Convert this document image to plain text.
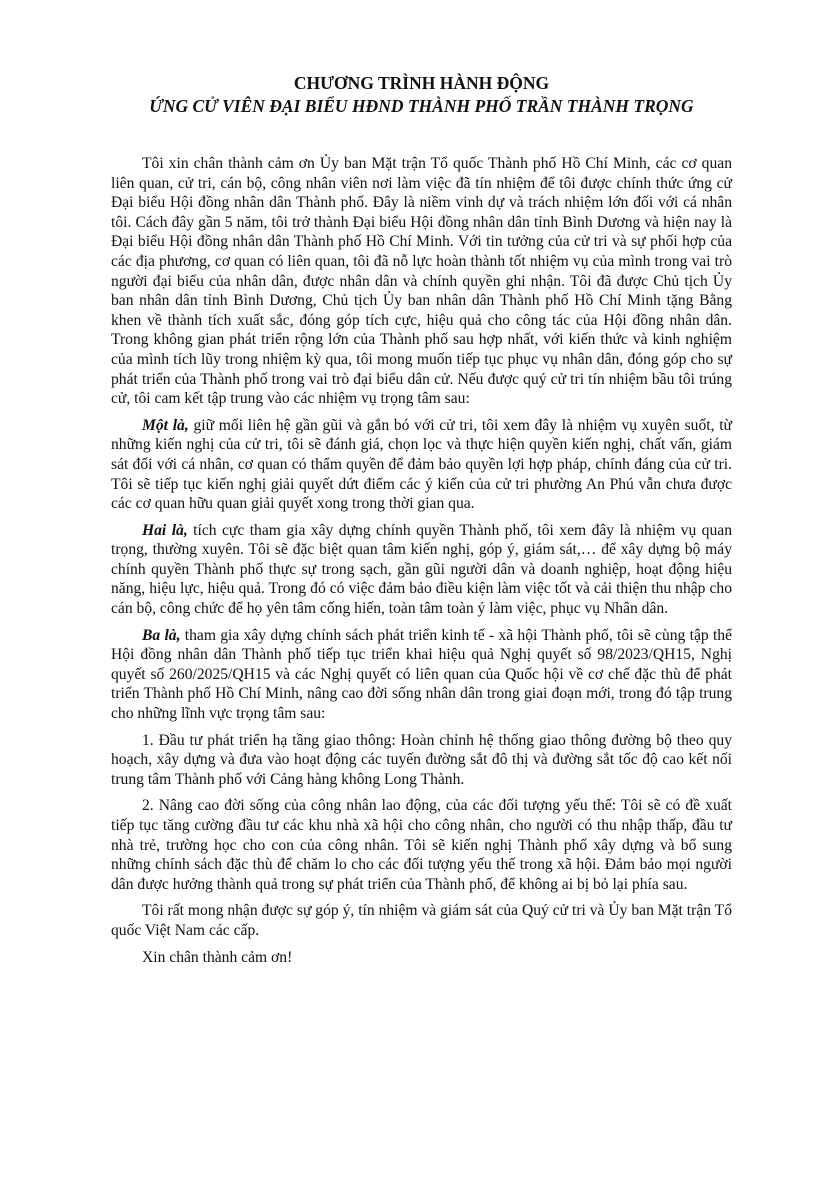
CHƯƠNG TRÌNH HÀNH ĐỘNG
ỨNG CỬ VIÊN ĐẠI BIỂU HĐND THÀNH PHỐ TRẦN THÀNH TRỌNG

Tôi xin chân thành cảm ơn Ủy ban Mặt trận Tổ quốc Thành phố Hồ Chí Minh, các cơ quan liên quan, cử tri, cán bộ, công nhân viên nơi làm việc đã tín nhiệm để tôi được chính thức ứng cử Đại biểu Hội đồng nhân dân Thành phố. Đây là niềm vinh dự và trách nhiệm lớn đối với cá nhân tôi. Cách đây gần 5 năm, tôi trở thành Đại biểu Hội đồng nhân dân tỉnh Bình Dương và hiện nay là Đại biểu Hội đồng nhân dân Thành phố Hồ Chí Minh. Với tin tưởng của cử tri và sự phối hợp của các địa phương, cơ quan có liên quan, tôi đã nỗ lực hoàn thành tốt nhiệm vụ của mình trong vai trò người đại biểu của nhân dân, được nhân dân và chính quyền ghi nhận. Tôi đã được Chủ tịch Ủy ban nhân dân tỉnh Bình Dương, Chủ tịch Ủy ban nhân dân Thành phố Hồ Chí Minh tặng Bằng khen về thành tích xuất sắc, đóng góp tích cực, hiệu quả cho công tác của Hội đồng nhân dân. Trong không gian phát triển rộng lớn của Thành phố sau hợp nhất, với kiến thức và kinh nghiệm của mình tích lũy trong nhiệm kỳ qua, tôi mong muốn tiếp tục phục vụ nhân dân, đóng góp cho sự phát triển của Thành phố trong vai trò đại biểu dân cử. Nếu được quý cử tri tín nhiệm bầu tôi trúng cử, tôi cam kết tập trung vào các nhiệm vụ trọng tâm sau:

Một là, giữ mối liên hệ gần gũi và gắn bó với cử tri, tôi xem đây là nhiệm vụ xuyên suốt, từ những kiến nghị của cử tri, tôi sẽ đánh giá, chọn lọc và thực hiện quyền kiến nghị, chất vấn, giám sát đối với cá nhân, cơ quan có thẩm quyền để đảm bảo quyền lợi hợp pháp, chính đáng của cử tri. Tôi sẽ tiếp tục kiến nghị giải quyết dứt điểm các ý kiến của cử tri phường An Phú vẫn chưa được các cơ quan hữu quan giải quyết xong trong thời gian qua.

Hai là, tích cực tham gia xây dựng chính quyền Thành phố, tôi xem đây là nhiệm vụ quan trọng, thường xuyên. Tôi sẽ đặc biệt quan tâm kiến nghị, góp ý, giám sát,… để xây dựng bộ máy chính quyền Thành phố thực sự trong sạch, gần gũi người dân và doanh nghiệp, hoạt động hiệu năng, hiệu lực, hiệu quả. Trong đó có việc đảm bảo điều kiện làm việc tốt và cải thiện thu nhập cho cán bộ, công chức để họ yên tâm cống hiến, toàn tâm toàn ý làm việc, phục vụ Nhân dân.

Ba là, tham gia xây dựng chính sách phát triển kinh tế - xã hội Thành phố, tôi sẽ cùng tập thể Hội đồng nhân dân Thành phố tiếp tục triển khai hiệu quả Nghị quyết số 98/2023/QH15, Nghị quyết số 260/2025/QH15 và các Nghị quyết có liên quan của Quốc hội về cơ chế đặc thù để phát triển Thành phố Hồ Chí Minh, nâng cao đời sống nhân dân trong giai đoạn mới, trong đó tập trung cho những lĩnh vực trọng tâm sau:

1. Đầu tư phát triển hạ tầng giao thông: Hoàn chỉnh hệ thống giao thông đường bộ theo quy hoạch, xây dựng và đưa vào hoạt động các tuyến đường sắt đô thị và đường sắt tốc độ cao kết nối trung tâm Thành phố với Cảng hàng không Long Thành.

2. Nâng cao đời sống của công nhân lao động, của các đối tượng yếu thế: Tôi sẽ có đề xuất tiếp tục tăng cường đầu tư các khu nhà xã hội cho công nhân, cho người có thu nhập thấp, đầu tư nhà trẻ, trường học cho con của công nhân. Tôi sẽ kiến nghị Thành phố xây dựng và bổ sung những chính sách đặc thù để chăm lo cho các đối tượng yếu thế trong xã hội. Đảm bảo mọi người dân được hưởng thành quả trong sự phát triển của Thành phố, để không ai bị bỏ lại phía sau.

Tôi rất mong nhận được sự góp ý, tín nhiệm và giám sát của Quý cử tri và Ủy ban Mặt trận Tổ quốc Việt Nam các cấp.

Xin chân thành cảm ơn!
